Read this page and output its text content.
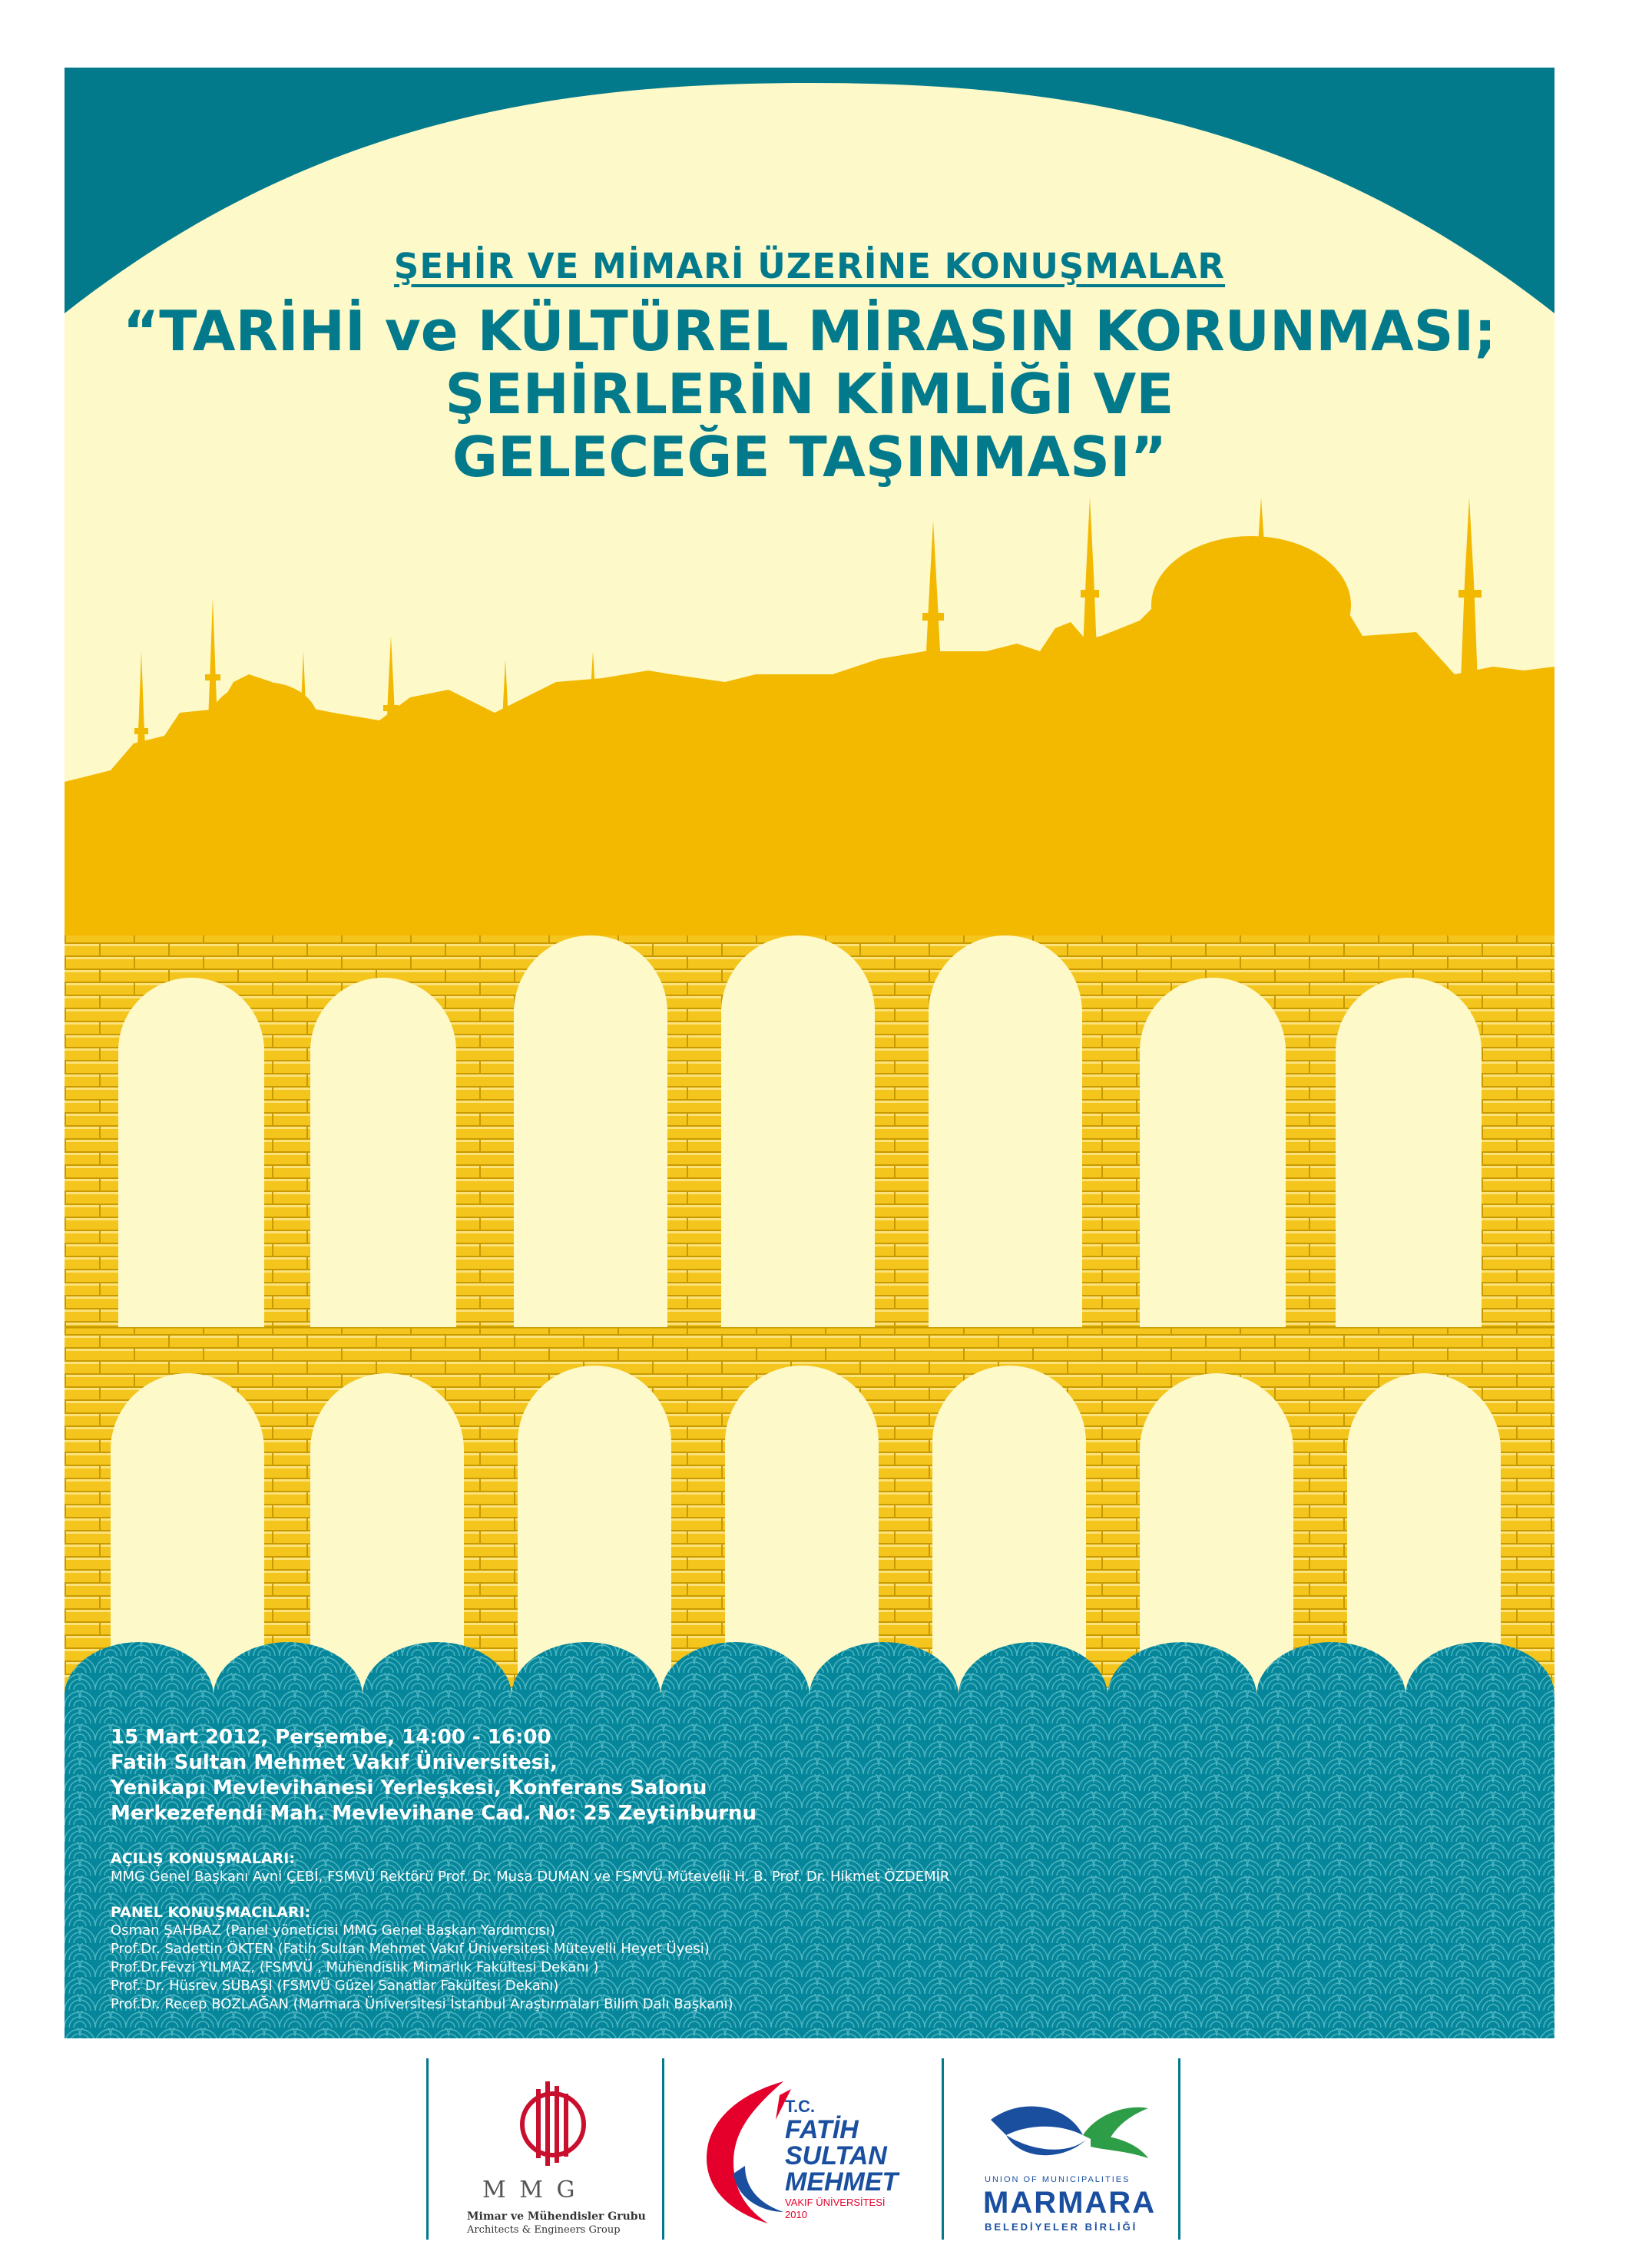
ŞEHİR VE MİMARİ ÜZERİNE KONUŞMALAR
“TARİHİ ve KÜLTÜREL MİRASIN KORUNMASI;
ŞEHİRLERİN KİMLİĞİ VE
GELECEĞE TAŞINMASI”
15 Mart 2012, Perşembe, 14:00 - 16:00
Fatih Sultan Mehmet Vakıf Üniversitesi,
Yenikapı Mevlevihanesi Yerleşkesi, Konferans Salonu
Merkezefendi Mah. Mevlevihane Cad. No: 25 Zeytinburnu
AÇILIŞ KONUŞMALARI:
MMG Genel Başkanı Avni ÇEBİ, FSMVÜ Rektörü Prof. Dr. Musa DUMAN ve FSMVÜ Mütevelli H. B. Prof. Dr. Hikmet ÖZDEMİR
PANEL KONUŞMACILARI:
Osman ŞAHBAZ (Panel yöneticisi MMG Genel Başkan Yardımcısı)
Prof.Dr. Sadettin ÖKTEN (Fatih Sultan Mehmet Vakıf Üniversitesi Mütevelli Heyet Üyesi)
Prof.Dr.Fevzi YILMAZ, (FSMVÜ , Mühendislik Mimarlık Fakültesi Dekanı )
Prof. Dr. Hüsrev SUBAŞI (FSMVÜ Güzel Sanatlar Fakültesi Dekanı)
Prof.Dr. Recep BOZLAĞAN (Marmara Üniversitesi İstanbul Araştırmaları Bilim Dalı Başkanı)
M M G
Mimar ve Mühendisler Grubu
Architects & Engineers Group
T.C.
FATİH
SULTAN
MEHMET
VAKIF ÜNİVERSİTESİ
2010
UNION OF MUNICIPALITIES
MARMARA
BELEDİYELER BİRLİĞİ
